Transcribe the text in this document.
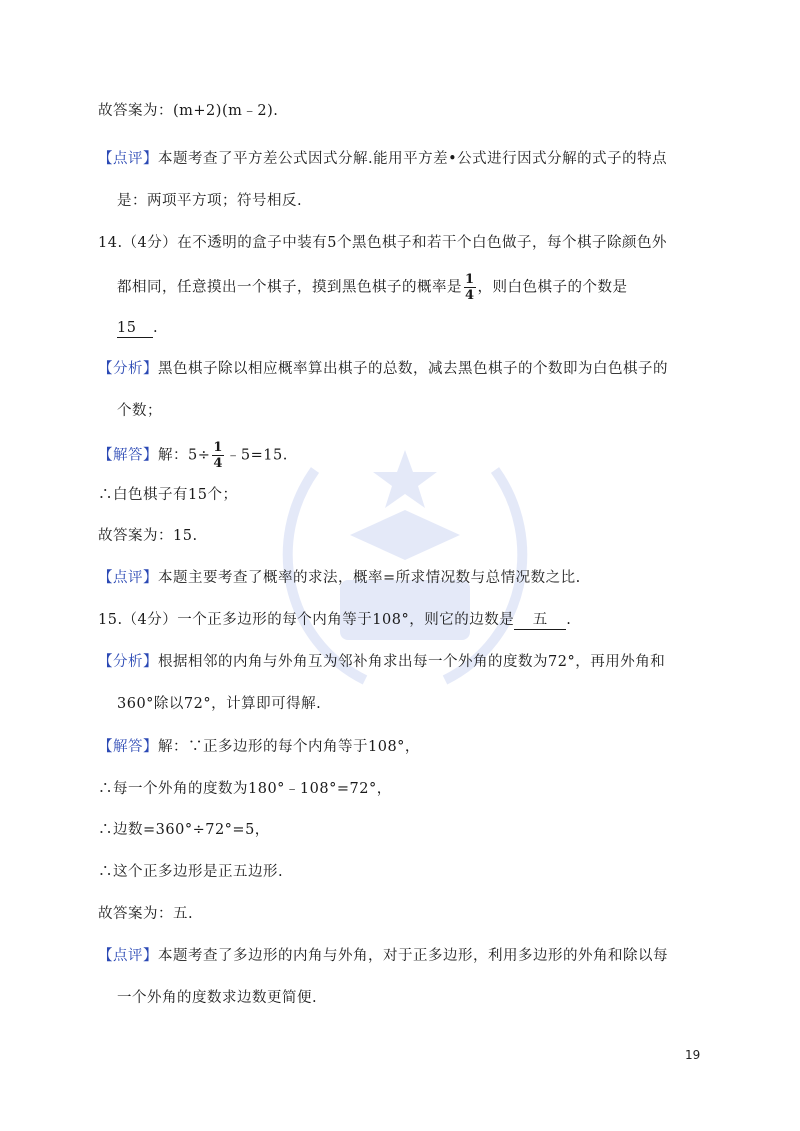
故答案为：(m+2)(m﹣2).
【点评】本题考查了平方差公式因式分解.能用平方差•公式进行因式分解的式子的特点
是：两项平方项；符号相反.
14.（4分）在不透明的盒子中装有5个黑色棋子和若干个白色做子，每个棋子除颜色外
都相同，任意摸出一个棋子，摸到黑色棋子的概率是 $\frac{1}{4}$ ，则白色棋子的个数是
15 .
【分析】黑色棋子除以相应概率算出棋子的总数，减去黑色棋子的个数即为白色棋子的
个数；
【解答】解：$5\div \frac{1}{4}$ ﹣5=15.
∴白色棋子有15个；
故答案为：15.
【点评】本题主要考查了概率的求法，概率=所求情况数与总情况数之比.
15.（4分）一个正多边形的每个内角等于108°，则它的边数是 五 .
【分析】根据相邻的内角与外角互为邻补角求出每一个外角的度数为72°，再用外角和
360°除以72°，计算即可得解.
【解答】解：∵正多边形的每个内角等于108°，
∴每一个外角的度数为180°﹣108°=72°，
∴边数=360°÷72°=5，
∴这个正多边形是正五边形.
故答案为：五.
【点评】本题考查了多边形的内角与外角，对于正多边形，利用多边形的外角和除以每
一个外角的度数求边数更简便.
19
